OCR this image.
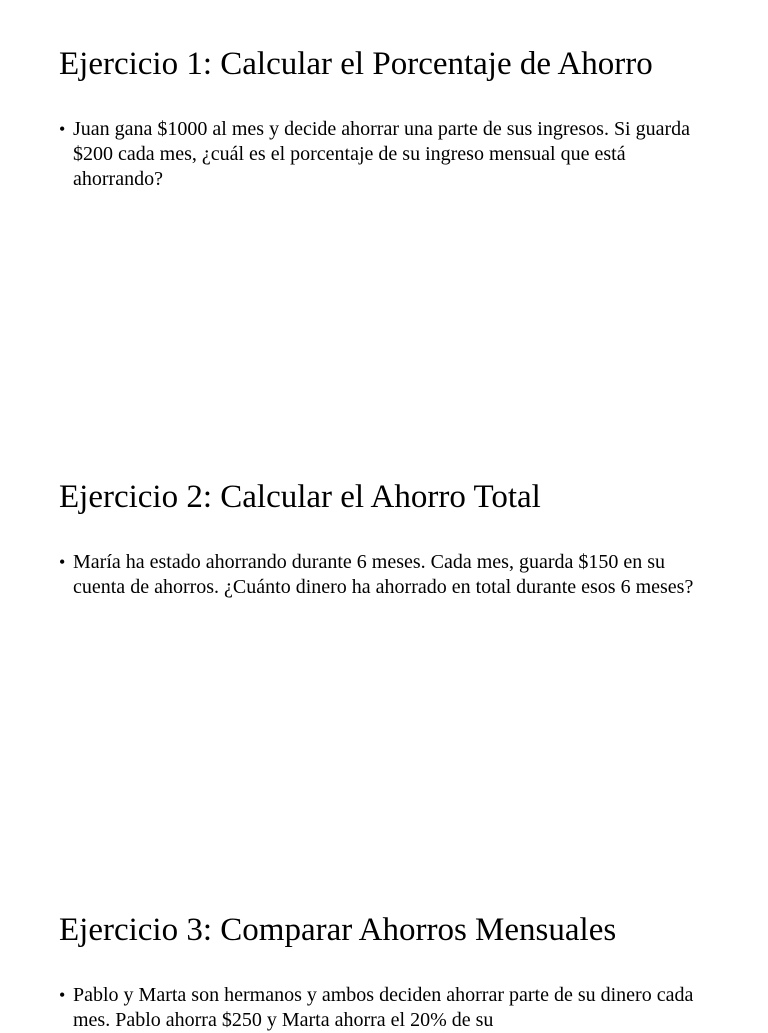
Ejercicio 1: Calcular el Porcentaje de Ahorro
• Juan gana $1000 al mes y decide ahorrar una parte de sus ingresos. Si guarda $200 cada mes, ¿cuál es el porcentaje de su ingreso mensual que está ahorrando?
Ejercicio 2: Calcular el Ahorro Total
• María ha estado ahorrando durante 6 meses. Cada mes, guarda $150 en su cuenta de ahorros. ¿Cuánto dinero ha ahorrado en total durante esos 6 meses?
Ejercicio 3: Comparar Ahorros Mensuales
• Pablo y Marta son hermanos y ambos deciden ahorrar parte de su dinero cada mes. Pablo ahorra $250 y Marta ahorra el 20% de su
